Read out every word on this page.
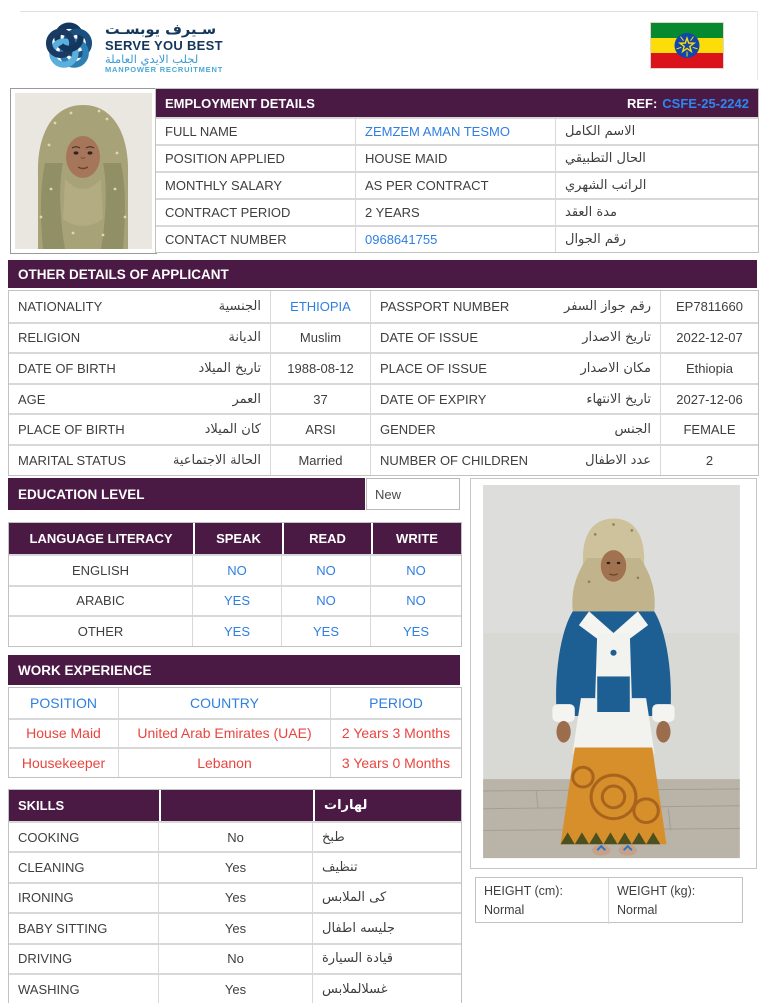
سـيرف يوبسـت
SERVE YOU BEST
لجلب الايدي العاملة
MANPOWER RECRUITMENT
EMPLOYMENT DETAILS	REF: CSFE-25-2242
FULL NAME	ZEMZEM AMAN TESMO	الاسم الكامل
POSITION APPLIED	HOUSE MAID	الحال التطبيقي
MONTHLY SALARY	AS PER CONTRACT	الراتب الشهري
CONTRACT PERIOD	2 YEARS	مدة العقد
CONTACT NUMBER	0968641755	رقم الجوال
OTHER DETAILS OF APPLICANT
NATIONALITY	الجنسية	ETHIOPIA	PASSPORT NUMBER	رقم جواز السفر	EP7811660
RELIGION	الديانة	Muslim	DATE OF ISSUE	تاريخ الاصدار	2022-12-07
DATE OF BIRTH	تاريخ الميلاد	1988-08-12	PLACE OF ISSUE	مكان الاصدار	Ethiopia
AGE	العمر	37	DATE OF EXPIRY	تاريخ الانتهاء	2027-12-06
PLACE OF BIRTH	كان الميلاد	ARSI	GENDER	الجنس	FEMALE
MARITAL STATUS	الحالة الاجتماعية	Married	NUMBER OF CHILDREN	عدد الاطفال	2
EDUCATION LEVEL	New
LANGUAGE LITERACY	SPEAK	READ	WRITE
ENGLISH	NO	NO	NO
ARABIC	YES	NO	NO
OTHER	YES	YES	YES
WORK EXPERIENCE
POSITION	COUNTRY	PERIOD
House Maid	United Arab Emirates (UAE)	2 Years 3 Months
Housekeeper	Lebanon	3 Years 0 Months
SKILLS	لهارات
COOKING	No	طبخ
CLEANING	Yes	تنظيف
IRONING	Yes	كى الملابس
BABY SITTING	Yes	جليسه اطفال
DRIVING	No	قيادة السيارة
WASHING	Yes	غسلالملابس
HEIGHT (cm):
Normal
WEIGHT (kg):
Normal
